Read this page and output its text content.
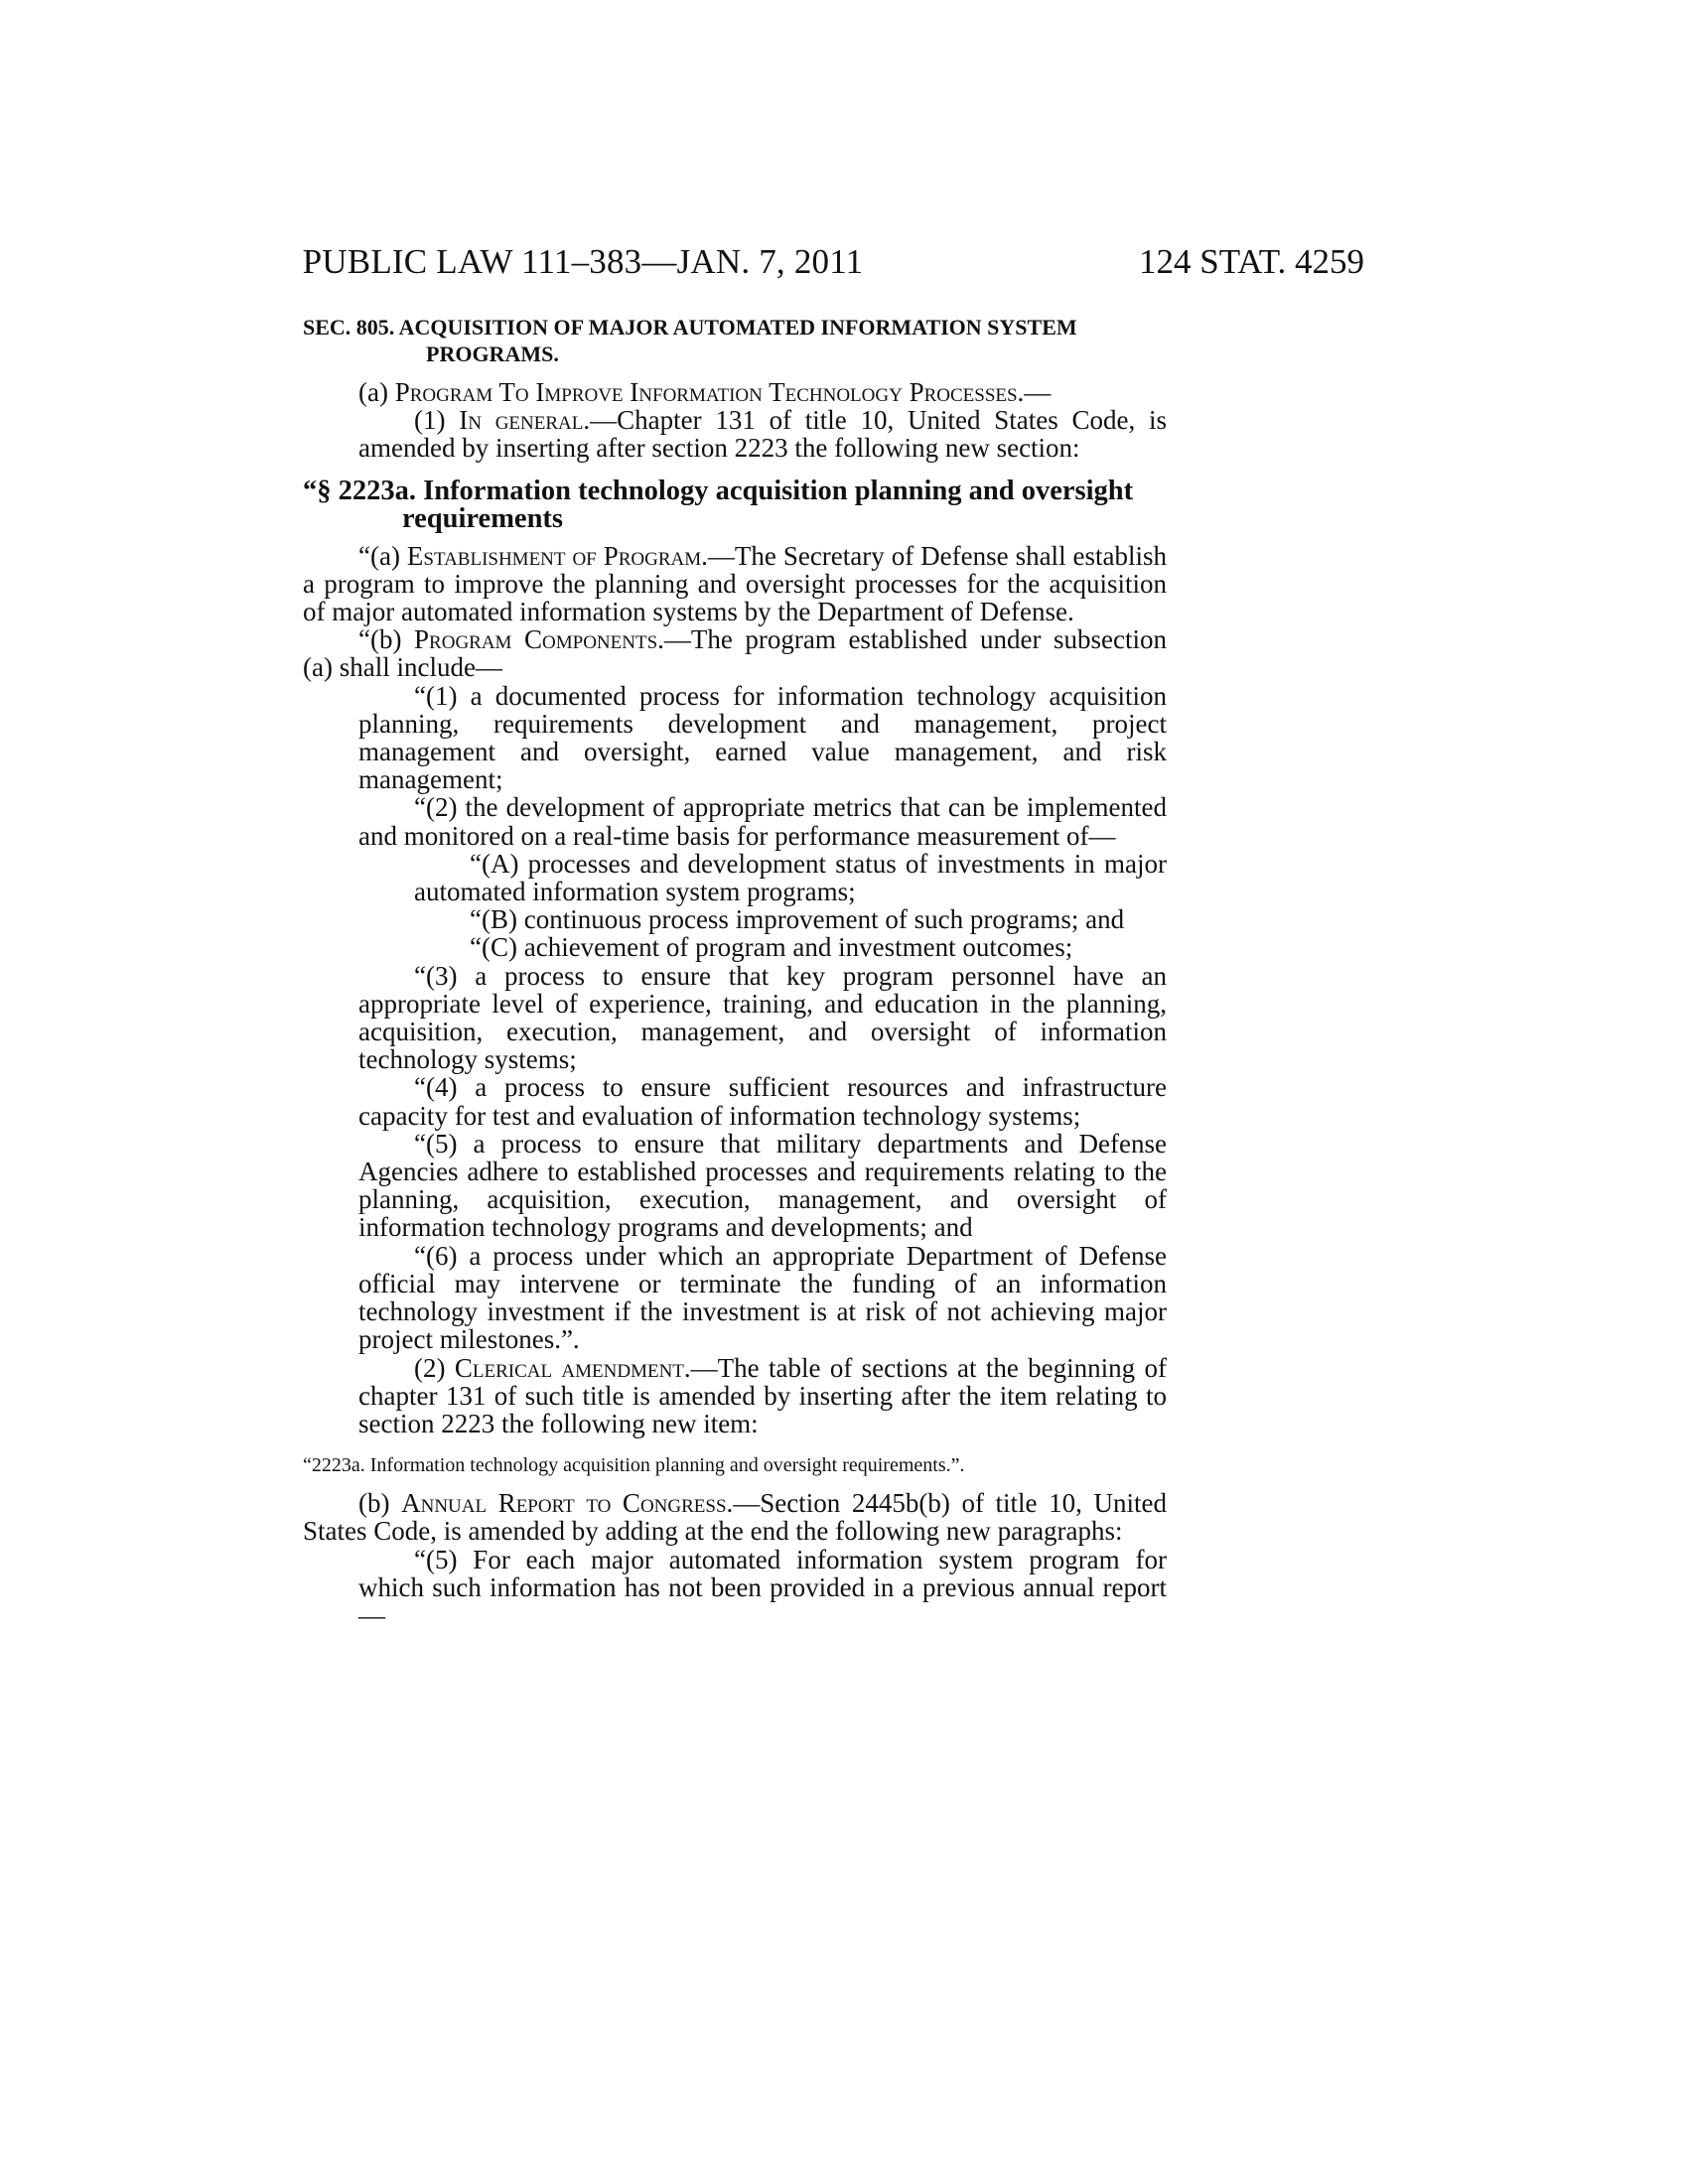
PUBLIC LAW 111–383—JAN. 7, 2011	124 STAT. 4259

SEC. 805. ACQUISITION OF MAJOR AUTOMATED INFORMATION SYSTEM PROGRAMS.

(a) Program To Improve Information Technology Processes.—

(1) In general.—Chapter 131 of title 10, United States Code, is amended by inserting after section 2223 the following new section:

“§ 2223a. Information technology acquisition planning and oversight requirements

“(a) Establishment of Program.—The Secretary of Defense shall establish a program to improve the planning and oversight processes for the acquisition of major automated information systems by the Department of Defense.

“(b) Program Components.—The program established under subsection (a) shall include—

“(1) a documented process for information technology acquisition planning, requirements development and management, project management and oversight, earned value management, and risk management;

“(2) the development of appropriate metrics that can be implemented and monitored on a real-time basis for performance measurement of—

“(A) processes and development status of investments in major automated information system programs;

“(B) continuous process improvement of such programs; and

“(C) achievement of program and investment outcomes;

“(3) a process to ensure that key program personnel have an appropriate level of experience, training, and education in the planning, acquisition, execution, management, and oversight of information technology systems;

“(4) a process to ensure sufficient resources and infrastructure capacity for test and evaluation of information technology systems;

“(5) a process to ensure that military departments and Defense Agencies adhere to established processes and requirements relating to the planning, acquisition, execution, management, and oversight of information technology programs and developments; and

“(6) a process under which an appropriate Department of Defense official may intervene or terminate the funding of an information technology investment if the investment is at risk of not achieving major project milestones.”.

(2) Clerical amendment.—The table of sections at the beginning of chapter 131 of such title is amended by inserting after the item relating to section 2223 the following new item:

“2223a. Information technology acquisition planning and oversight requirements.”.

(b) Annual Report to Congress.—Section 2445b(b) of title 10, United States Code, is amended by adding at the end the following new paragraphs:

“(5) For each major automated information system program for which such information has not been provided in a previous annual report—
